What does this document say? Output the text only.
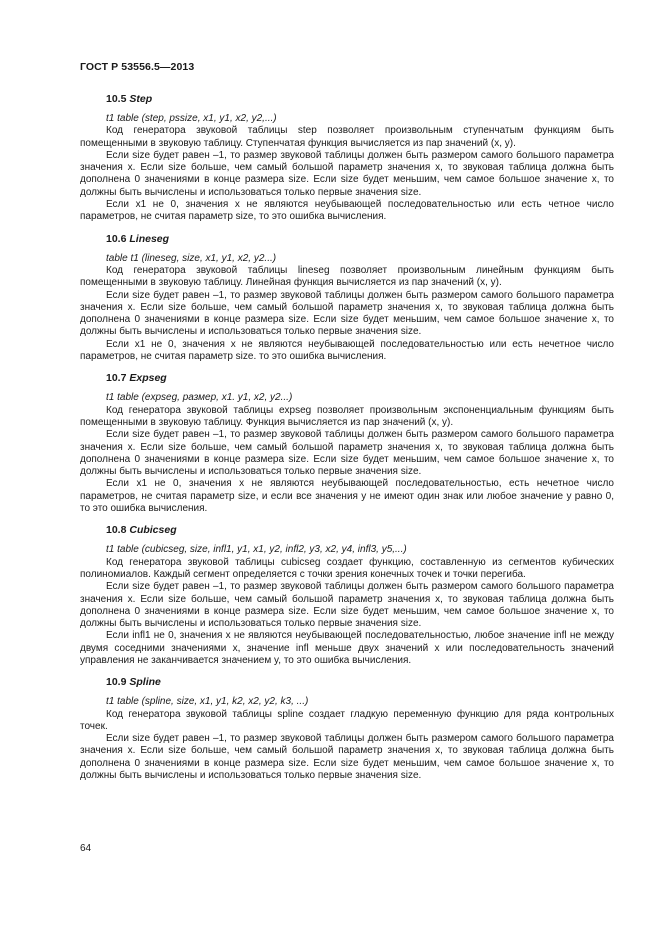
ГОСТ Р 53556.5—2013

10.5 Step

t1 table (step, pssize, x1, y1, x2, y2,...)

Код генератора звуковой таблицы step позволяет произвольным ступенчатым функциям быть помещенными в звуковую таблицу. Ступенчатая функция вычисляется из пар значений (x, y).

Если size будет равен –1, то размер звуковой таблицы должен быть размером самого большого параметра значения x. Если size больше, чем самый большой параметр значения x, то звуковая таблица должна быть дополнена 0 значениями в конце размера size. Если size будет меньшим, чем самое большое значение x, то должны быть вычислены и использоваться только первые значения size.

Если x1 не 0, значения x не являются неубывающей последовательностью или есть четное число параметров, не считая параметр size, то это ошибка вычисления.

10.6 Lineseg

table t1 (lineseg, size, x1, y1, x2, y2...)

Код генератора звуковой таблицы lineseg позволяет произвольным линейным функциям быть помещенными в звуковую таблицу. Линейная функция вычисляется из пар значений (x, y).

Если size будет равен –1, то размер звуковой таблицы должен быть размером самого большого параметра значения x. Если size больше, чем самый большой параметр значения x, то звуковая таблица должна быть дополнена 0 значениями в конце размера size. Если size будет меньшим, чем самое большое значение x, то должны быть вычислены и использоваться только первые значения size.

Если x1 не 0, значения x не являются неубывающей последовательностью или есть нечетное число параметров, не считая параметр size. то это ошибка вычисления.

10.7 Expseg

t1 table (expseg, размер, x1. y1, x2, y2...)

Код генератора звуковой таблицы expseg позволяет произвольным экспоненциальным функциям быть помещенными в звуковую таблицу. Функция вычисляется из пар значений (x, y).

Если size будет равен –1, то размер звуковой таблицы должен быть размером самого большого параметра значения x. Если size больше, чем самый большой параметр значения x, то звуковая таблица должна быть дополнена 0 значениями в конце размера size. Если size будет меньшим, чем самое большое значение x, то должны быть вычислены и использоваться только первые значения size.

Если x1 не 0, значения x не являются неубывающей последовательностью, есть нечетное число параметров, не считая параметр size, и если все значения y не имеют один знак или любое значение y равно 0, то это ошибка вычисления.

10.8 Cubicseg

t1 table (cubicseg, size, infl1, y1, x1, y2, infl2, y3, x2, y4, infl3, y5,...)

Код генератора звуковой таблицы cubicseg создает функцию, составленную из сегментов кубических полиномиалов. Каждый сегмент определяется с точки зрения конечных точек и точки перегиба.

Если size будет равен –1, то размер звуковой таблицы должен быть размером самого большого параметра значения x. Если size больше, чем самый большой параметр значения x, то звуковая таблица должна быть дополнена 0 значениями в конце размера size. Если size будет меньшим, чем самое большое значение x, то должны быть вычислены и использоваться только первые значения size.

Если infl1 не 0, значения x не являются неубывающей последовательностью, любое значение infl не между двумя соседними значениями x, значение infl меньше двух значений x или последовательность значений управления не заканчивается значением y, то это ошибка вычисления.

10.9 Spline

t1 table (spline, size, x1, y1, k2, x2, y2, k3, ...)

Код генератора звуковой таблицы spline создает гладкую переменную функцию для ряда контрольных точек.

Если size будет равен –1, то размер звуковой таблицы должен быть размером самого большого параметра значения x. Если size больше, чем самый большой параметр значения x, то звуковая таблица должна быть дополнена 0 значениями в конце размера size. Если size будет меньшим, чем самое большое значение x, то должны быть вычислены и использоваться только первые значения size.

64
